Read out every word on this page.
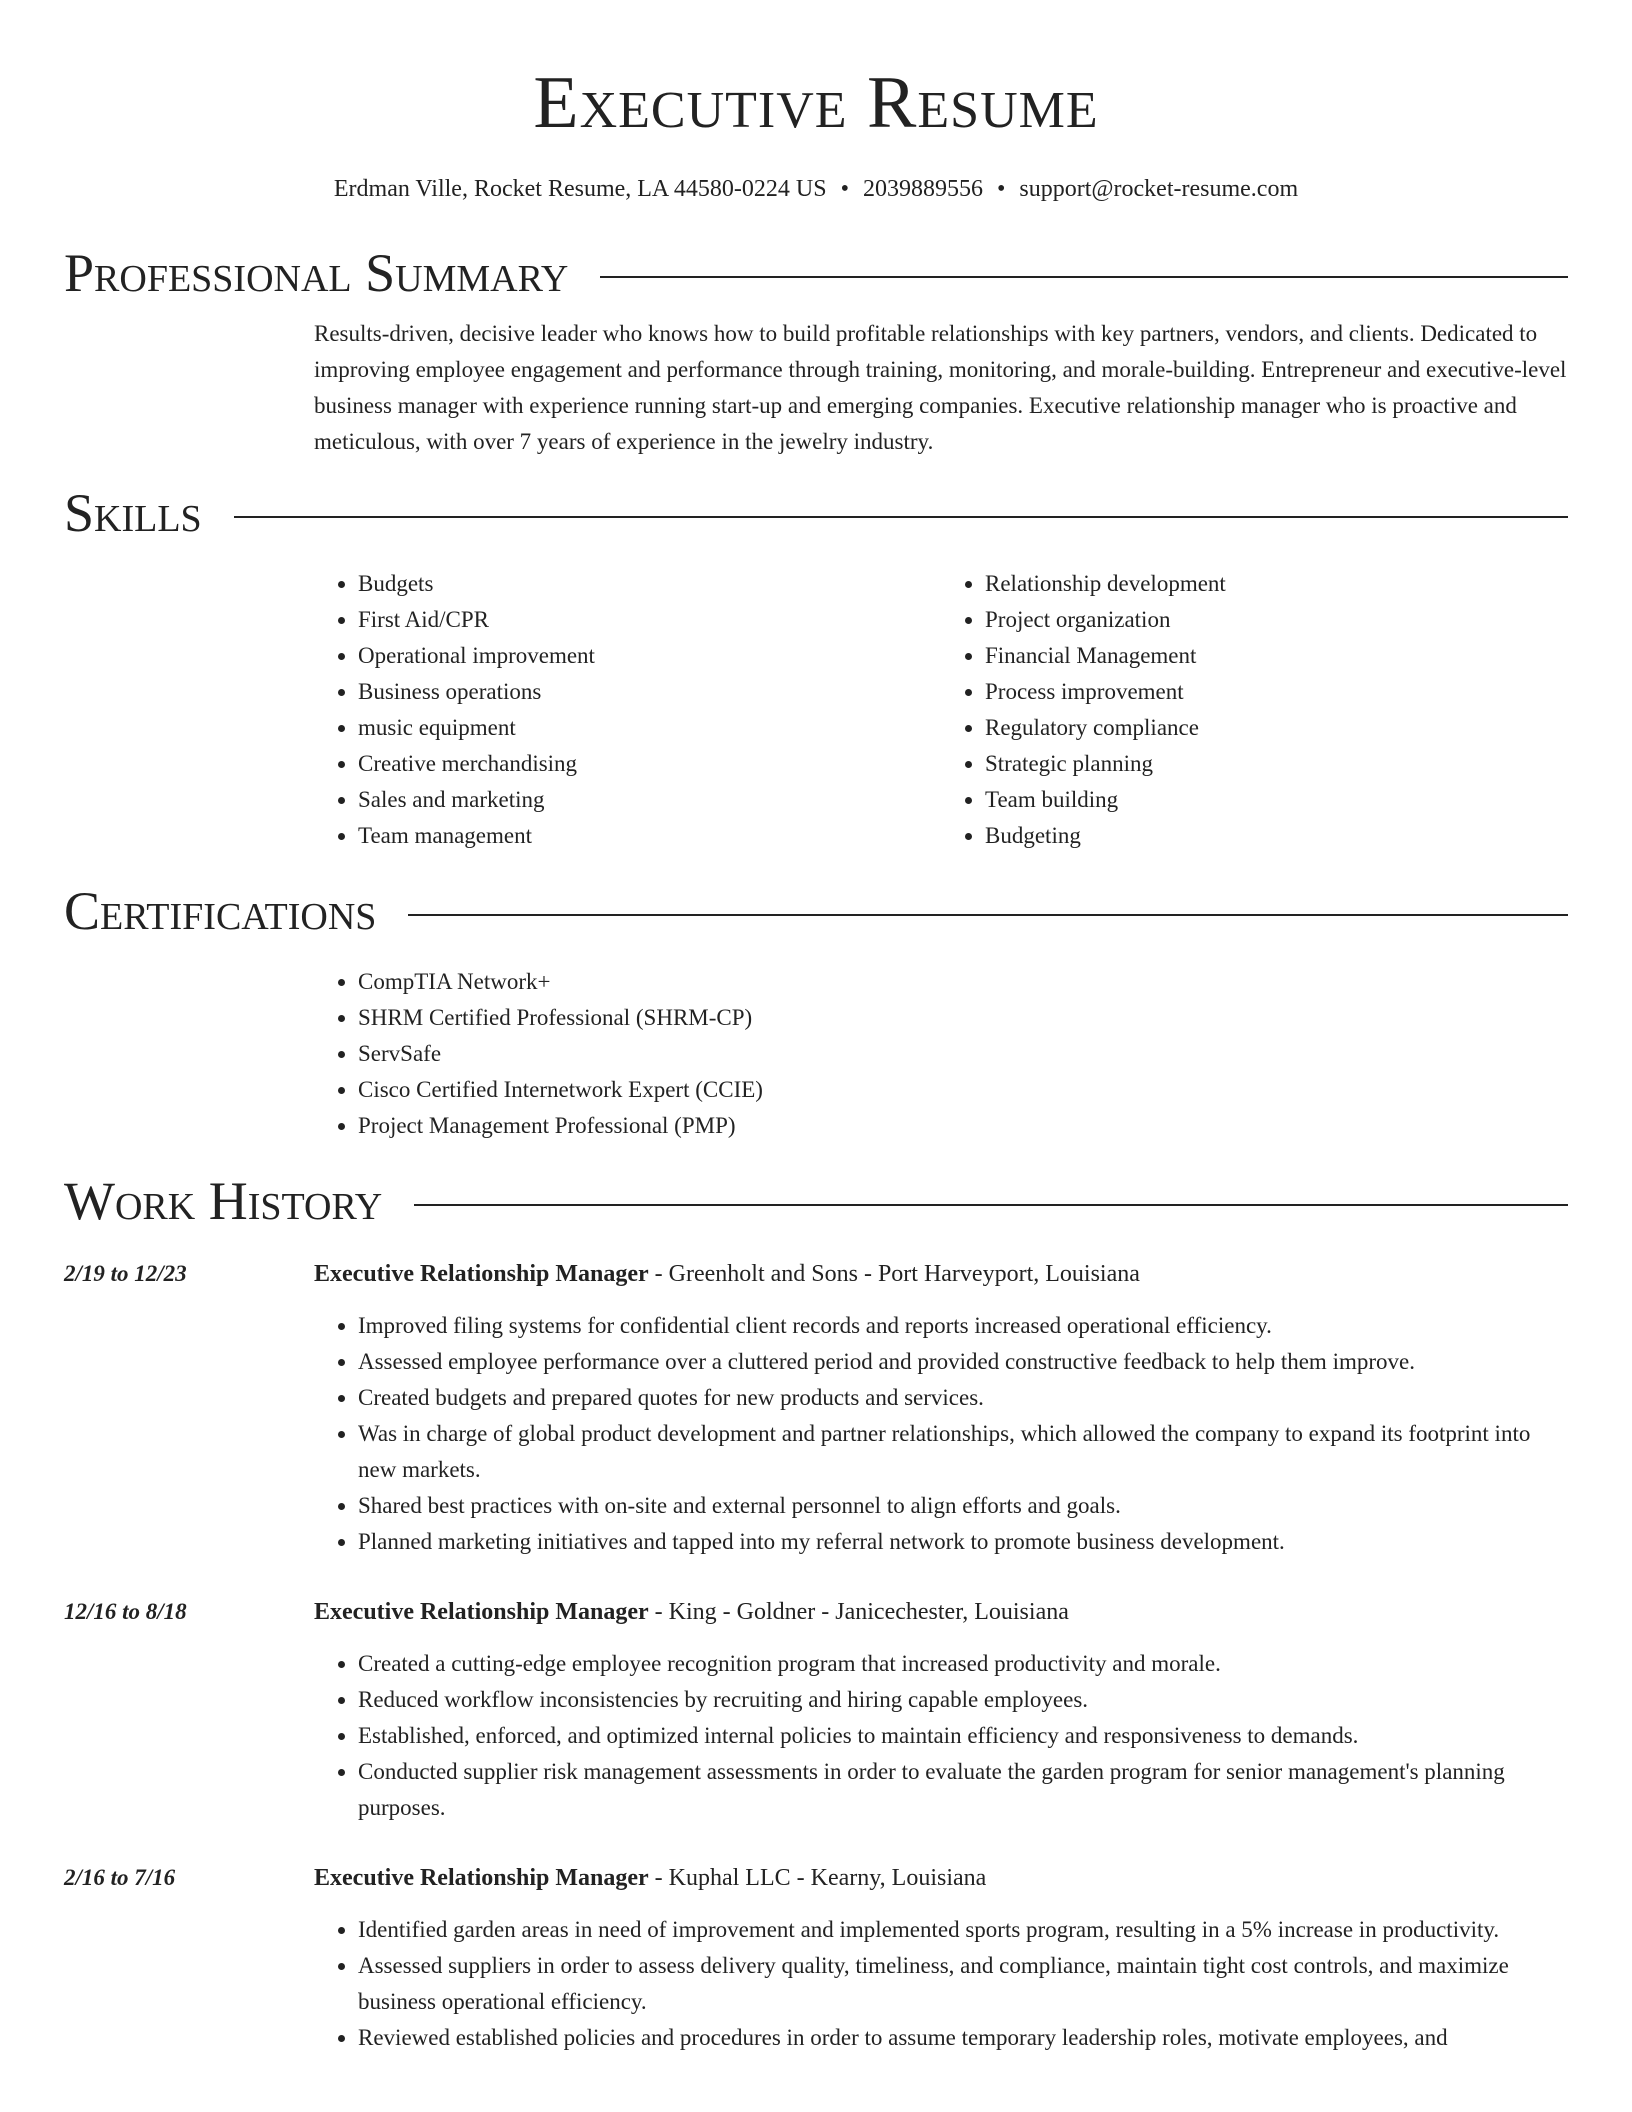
Executive Resume
Erdman Ville, Rocket Resume, LA 44580-0224 US • 2039889556 • support@rocket-resume.com
Professional Summary
Results-driven, decisive leader who knows how to build profitable relationships with key partners, vendors, and clients. Dedicated to improving employee engagement and performance through training, monitoring, and morale-building. Entrepreneur and executive-level business manager with experience running start-up and emerging companies. Executive relationship manager who is proactive and meticulous, with over 7 years of experience in the jewelry industry.
Skills
• Budgets
• First Aid/CPR
• Operational improvement
• Business operations
• music equipment
• Creative merchandising
• Sales and marketing
• Team management
• Relationship development
• Project organization
• Financial Management
• Process improvement
• Regulatory compliance
• Strategic planning
• Team building
• Budgeting
Certifications
• CompTIA Network+
• SHRM Certified Professional (SHRM-CP)
• ServSafe
• Cisco Certified Internetwork Expert (CCIE)
• Project Management Professional (PMP)
Work History
2/19 to 12/23	Executive Relationship Manager - Greenholt and Sons - Port Harveyport, Louisiana
• Improved filing systems for confidential client records and reports increased operational efficiency.
• Assessed employee performance over a cluttered period and provided constructive feedback to help them improve.
• Created budgets and prepared quotes for new products and services.
• Was in charge of global product development and partner relationships, which allowed the company to expand its footprint into new markets.
• Shared best practices with on-site and external personnel to align efforts and goals.
• Planned marketing initiatives and tapped into my referral network to promote business development.
12/16 to 8/18	Executive Relationship Manager - King - Goldner - Janicechester, Louisiana
• Created a cutting-edge employee recognition program that increased productivity and morale.
• Reduced workflow inconsistencies by recruiting and hiring capable employees.
• Established, enforced, and optimized internal policies to maintain efficiency and responsiveness to demands.
• Conducted supplier risk management assessments in order to evaluate the garden program for senior management's planning purposes.
2/16 to 7/16	Executive Relationship Manager - Kuphal LLC - Kearny, Louisiana
• Identified garden areas in need of improvement and implemented sports program, resulting in a 5% increase in productivity.
• Assessed suppliers in order to assess delivery quality, timeliness, and compliance, maintain tight cost controls, and maximize business operational efficiency.
• Reviewed established policies and procedures in order to assume temporary leadership roles, motivate employees, and
